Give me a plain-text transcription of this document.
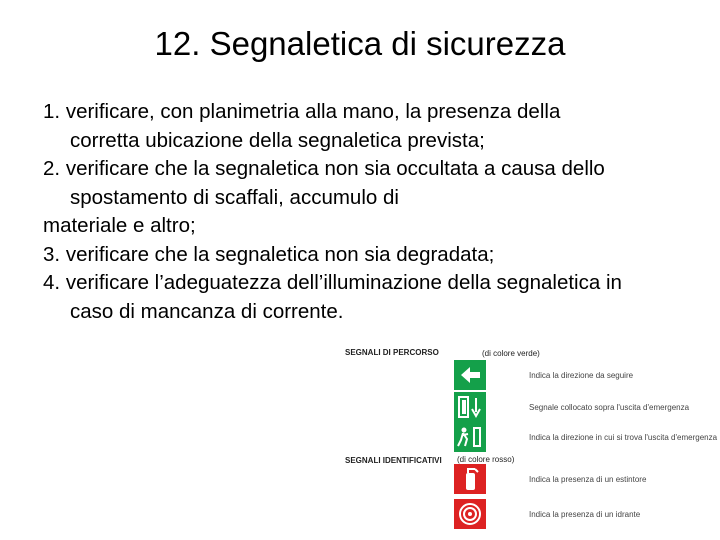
12. Segnaletica di sicurezza
1. verificare, con planimetria alla mano, la presenza della
corretta ubicazione della segnaletica prevista;
2. verificare che la segnaletica non sia occultata a causa dello
spostamento di scaffali, accumulo di
materiale e altro;
3. verificare che la segnaletica non sia degradata;
4. verificare l’adeguatezza dell’illuminazione della segnaletica in
caso di mancanza di corrente.
SEGNALI DI PERCORSO	(di colore verde)
Indica la direzione da seguire
Segnale collocato sopra l'uscita d'emergenza
Indica la direzione in cui si trova l'uscita d'emergenza
SEGNALI IDENTIFICATIVI (di colore rosso)
Indica la presenza di un estintore
Indica la presenza di un idrante
